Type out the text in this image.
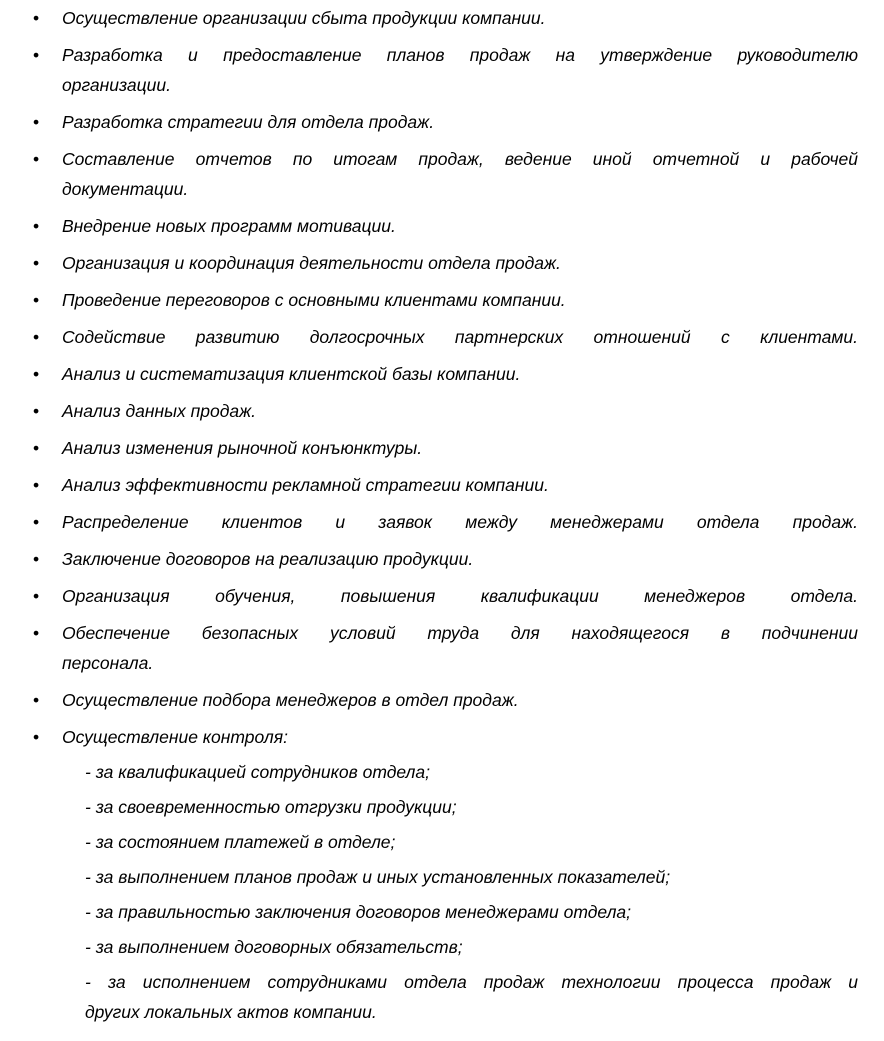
•	Осуществление организации сбыта продукции компании.
•	Разработка и предоставление планов продаж на утверждение руководителю
организации.
•	Разработка стратегии для отдела продаж.
•	Составление отчетов по итогам продаж, ведение иной отчетной и рабочей
документации.
•	Внедрение новых программ мотивации.
•	Организация и координация деятельности отдела продаж.
•	Проведение переговоров с основными клиентами компании.
•	Содействие развитию долгосрочных партнерских отношений с клиентами.
•	Анализ и систематизация клиентской базы компании.
•	Анализ данных продаж.
•	Анализ изменения рыночной конъюнктуры.
•	Анализ эффективности рекламной стратегии компании.
•	Распределение клиентов и заявок между менеджерами отдела продаж.
•	Заключение договоров на реализацию продукции.
•	Организация обучения, повышения квалификации менеджеров отдела.
•	Обеспечение безопасных условий труда для находящегося в подчинении
персонала.
•	Осуществление подбора менеджеров в отдел продаж.
•	Осуществление контроля:
- за квалификацией сотрудников отдела;
- за своевременностью отгрузки продукции;
- за состоянием платежей в отделе;
- за выполнением планов продаж и иных установленных показателей;
- за правильностью заключения договоров менеджерами отдела;
- за выполнением договорных обязательств;
- за исполнением сотрудниками отдела продаж технологии процесса продаж и
других локальных актов компании.
